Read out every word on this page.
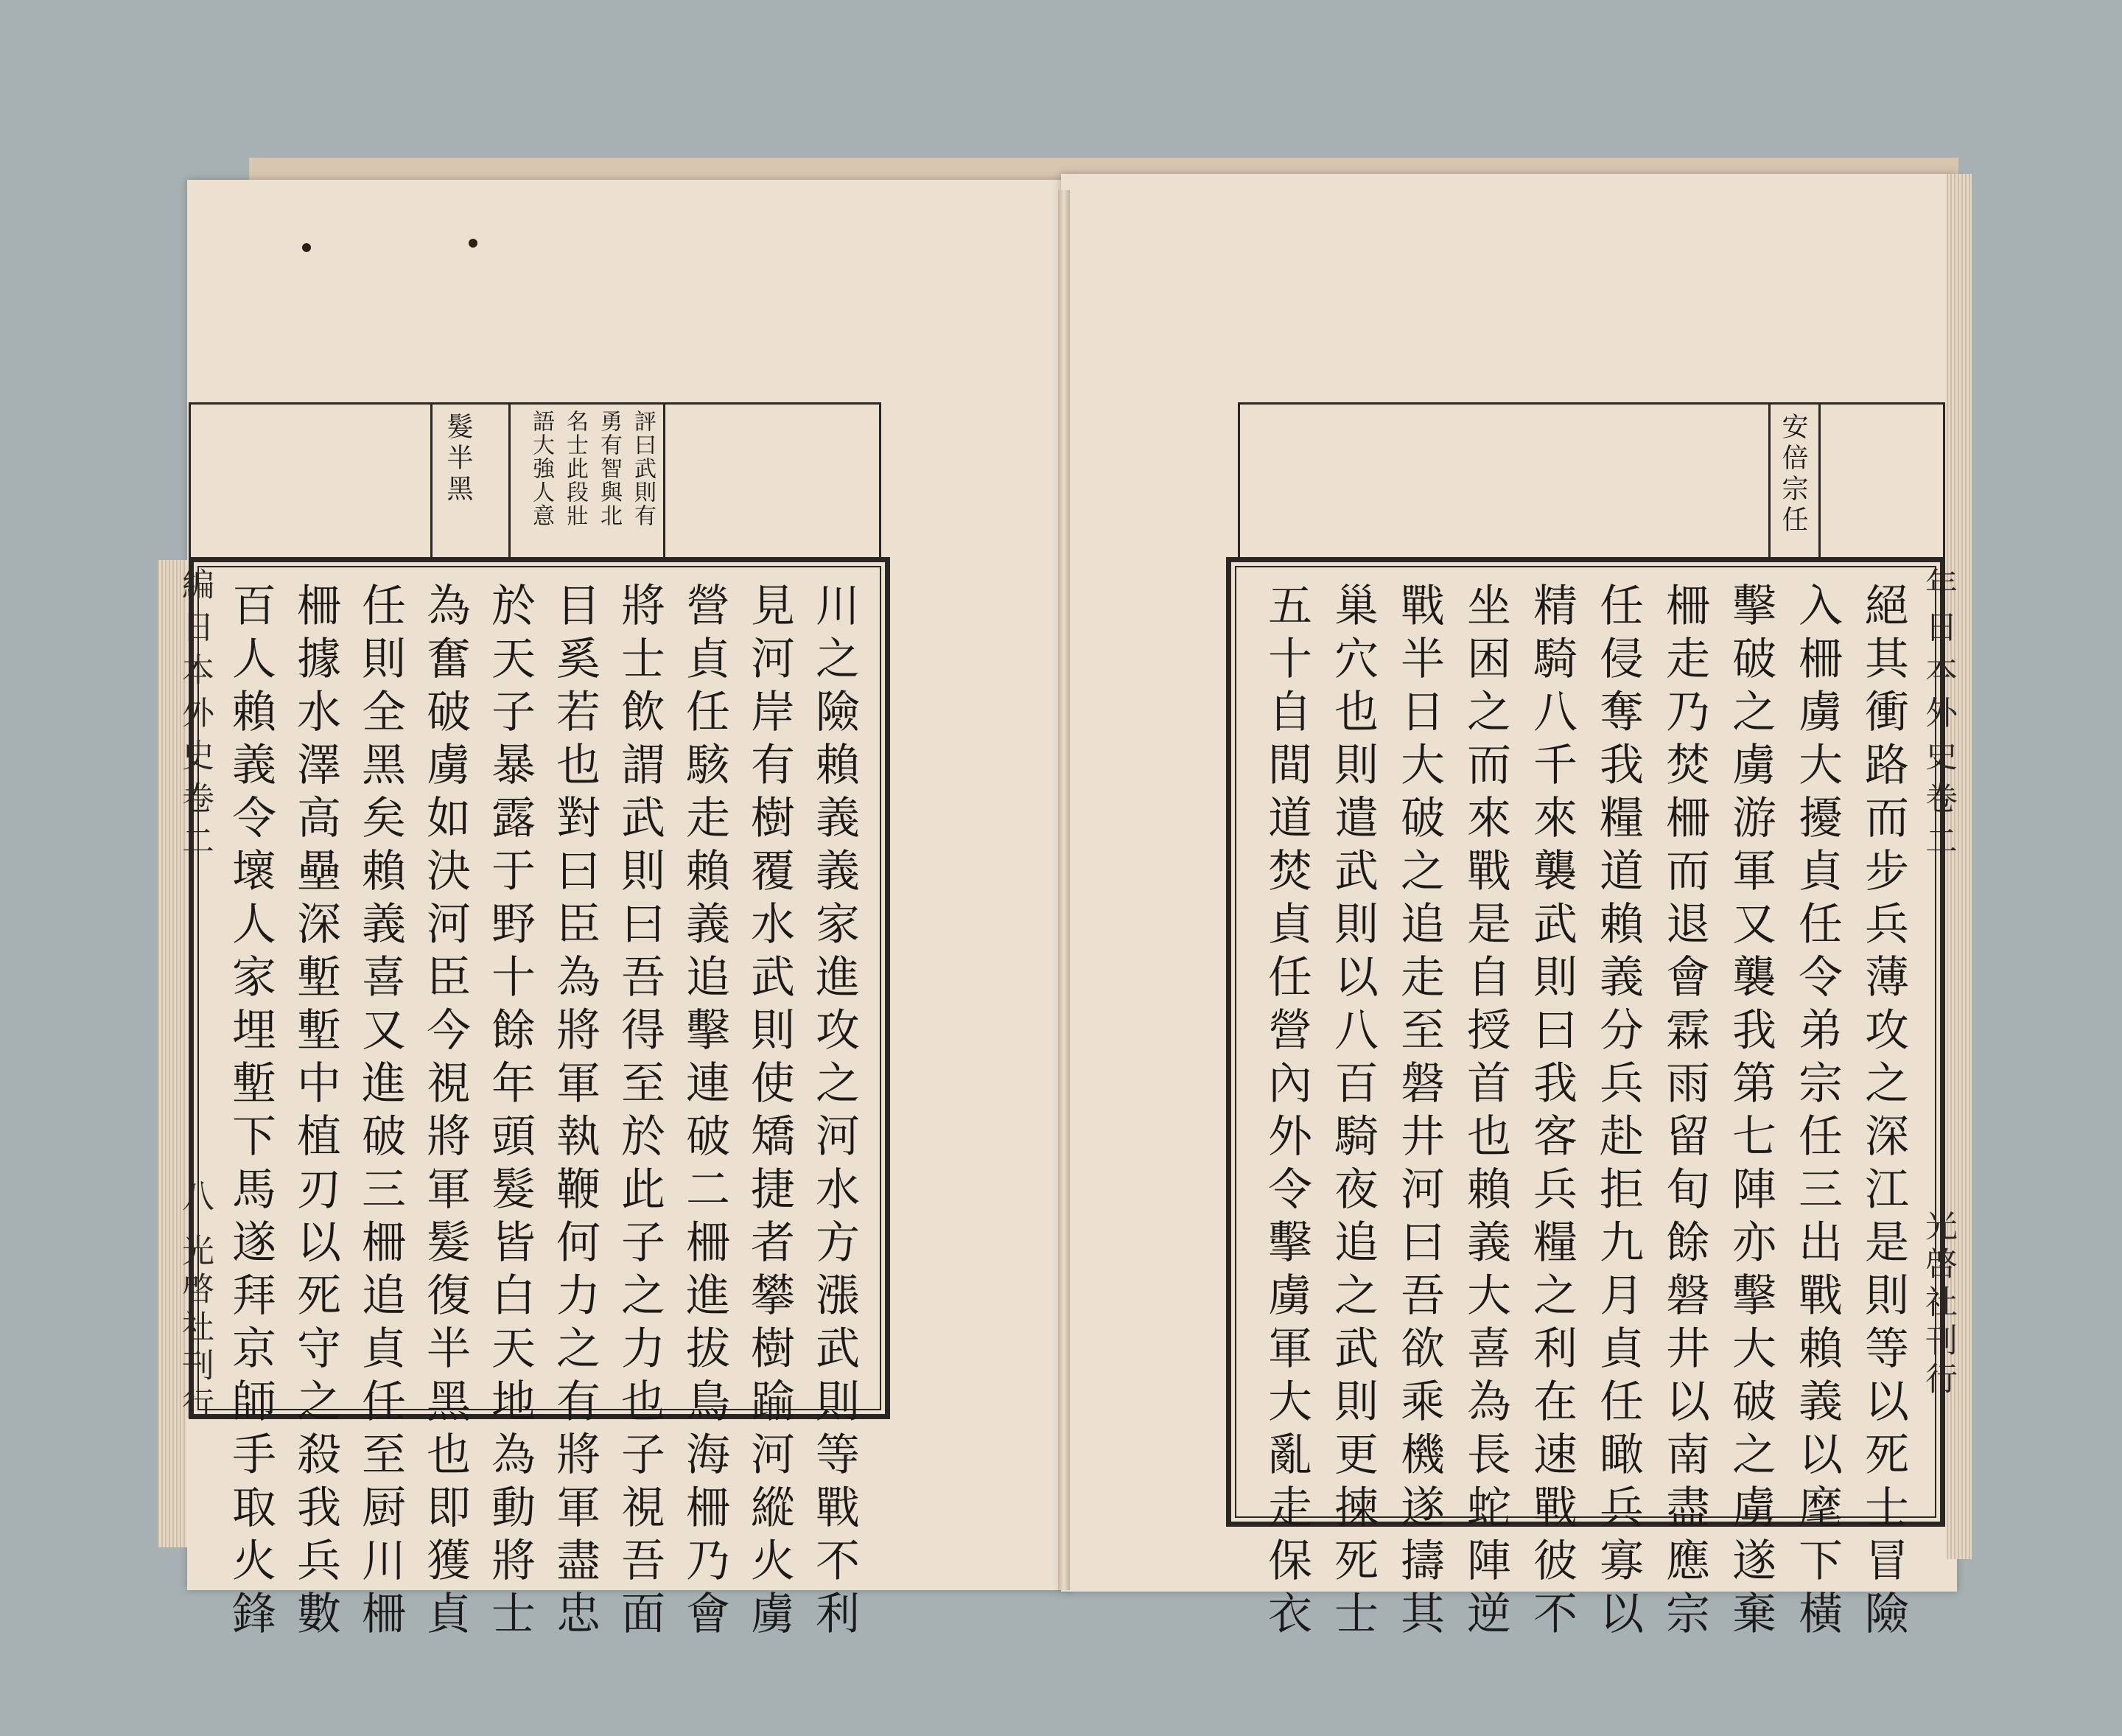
髮半黑	評曰武則有
勇有智與北
名士此段壯
語大強人意
川之險賴義義家進攻之河水方漲武則等戰不利
見河岸有樹覆水武則使矯捷者攀樹踰河縱火虜
營貞任駭走賴義追擊連破二柵進拔鳥海柵乃會
將士飲謂武則曰吾得至於此子之力也子視吾面
目奚若也對曰臣為將軍執鞭何力之有將軍盡忠
於天子暴露于野十餘年頭髮皆白天地為動將士
為奮破虜如決河臣今視將軍髮復半黑也即獲貞
任則全黑矣賴義喜又進破三柵追貞任至厨川柵
柵據水澤高壘深塹塹中植刃以死守之殺我兵數
百人賴義令壞人家埋塹下馬遂拜京師手取火鋒
編日本外史卷二
八 光啓社刊行
安倍宗任
絕其衝路而步兵薄攻之深江是則等以死士冒險
入柵虜大擾貞任令弟宗任三出戰賴義以麾下橫
擊破之虜游軍又襲我第七陣亦擊大破之虜遂棄
柵走乃焚柵而退會霖雨留旬餘磐井以南盡應宗
任侵奪我糧道賴義分兵赴拒九月貞任瞰兵寡以
精騎八千來襲武則曰我客兵糧之利在速戰彼不
坐困之而來戰是自授首也賴義大喜為長蛇陣逆
戰半日大破之追走至磐井河曰吾欲乘機遂擣其
巢穴也則遣武則以八百騎夜追之武則更揀死士
五十自間道焚貞任營內外令擊虜軍大亂走保衣	年日本外史卷二
光啓社刊行
